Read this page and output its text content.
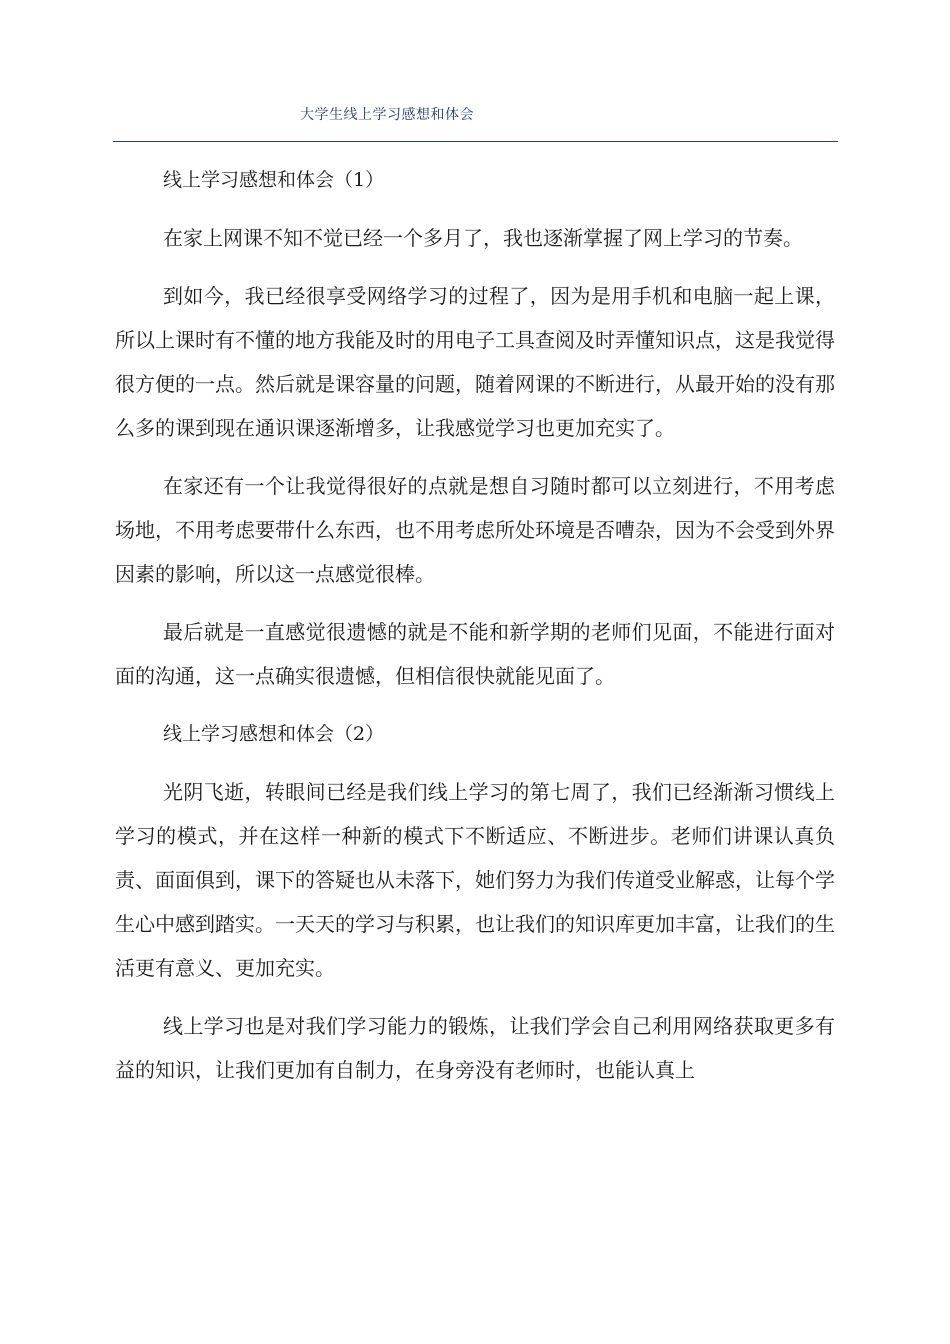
大学生线上学习感想和体会

线上学习感想和体会（1）

在家上网课不知不觉已经一个多月了，我也逐渐掌握了网上学习的节奏。

到如今，我已经很享受网络学习的过程了，因为是用手机和电脑一起上课，所以上课时有不懂的地方我能及时的用电子工具查阅及时弄懂知识点，这是我觉得很方便的一点。然后就是课容量的问题，随着网课的不断进行，从最开始的没有那么多的课到现在通识课逐渐增多，让我感觉学习也更加充实了。

在家还有一个让我觉得很好的点就是想自习随时都可以立刻进行，不用考虑场地，不用考虑要带什么东西，也不用考虑所处环境是否嘈杂，因为不会受到外界因素的影响，所以这一点感觉很棒。

最后就是一直感觉很遗憾的就是不能和新学期的老师们见面，不能进行面对面的沟通，这一点确实很遗憾，但相信很快就能见面了。

线上学习感想和体会（2）

光阴飞逝，转眼间已经是我们线上学习的第七周了，我们已经渐渐习惯线上学习的模式，并在这样一种新的模式下不断适应、不断进步。老师们讲课认真负责、面面俱到，课下的答疑也从未落下，她们努力为我们传道受业解惑，让每个学生心中感到踏实。一天天的学习与积累，也让我们的知识库更加丰富，让我们的生活更有意义、更加充实。

线上学习也是对我们学习能力的锻炼，让我们学会自己利用网络获取更多有益的知识，让我们更加有自制力，在身旁没有老师时，也能认真上
